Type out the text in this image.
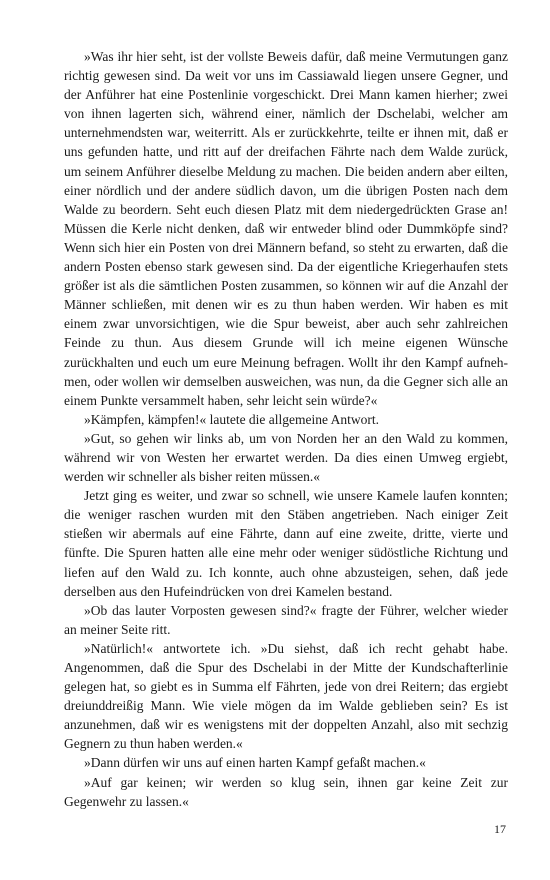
»Was ihr hier seht, ist der vollste Beweis dafür, daß meine Vermutungen ganz richtig gewesen sind. Da weit vor uns im Cassiawald liegen unsere Gegner, und der Anführer hat eine Postenlinie vorgeschickt. Drei Mann kamen hierher; zwei von ihnen lagerten sich, während einer, nämlich der Dschelabi, welcher am unternehmendsten war, weiterritt. Als er zurückkehrte, teilte er ihnen mit, daß er uns gefunden hatte, und ritt auf der dreifachen Fährte nach dem Walde zurück, um seinem Anführer dieselbe Meldung zu machen. Die beiden andern aber eilten, einer nördlich und der andere südlich davon, um die übrigen Posten nach dem Walde zu beordern. Seht euch diesen Platz mit dem niedergedrückten Grase an! Müssen die Kerle nicht denken, daß wir entweder blind oder Dummköpfe sind? Wenn sich hier ein Posten von drei Männern befand, so steht zu erwarten, daß die andern Posten ebenso stark gewesen sind. Da der eigentliche Kriegerhaufen stets größer ist als die sämtlichen Posten zusammen, so können wir auf die Anzahl der Männer schließen, mit denen wir es zu thun haben werden. Wir haben es mit einem zwar unvorsichtigen, wie die Spur beweist, aber auch sehr zahlreichen Feinde zu thun. Aus diesem Grunde will ich meine eigenen Wünsche zurückhalten und euch um eure Meinung befragen. Wollt ihr den Kampf aufnehmen, oder wollen wir demselben ausweichen, was nun, da die Gegner sich alle an einem Punkte versammelt haben, sehr leicht sein würde?«

»Kämpfen, kämpfen!« lautete die allgemeine Antwort.

»Gut, so gehen wir links ab, um von Norden her an den Wald zu kommen, während wir von Westen her erwartet werden. Da dies einen Umweg ergiebt, werden wir schneller als bisher reiten müssen.«

Jetzt ging es weiter, und zwar so schnell, wie unsere Kamele laufen konnten; die weniger raschen wurden mit den Stäben angetrieben. Nach einiger Zeit stießen wir abermals auf eine Fährte, dann auf eine zweite, dritte, vierte und fünfte. Die Spuren hatten alle eine mehr oder weniger südöstliche Richtung und liefen auf den Wald zu. Ich konnte, auch ohne abzusteigen, sehen, daß jede derselben aus den Hufeindrücken von drei Kamelen bestand.

»Ob das lauter Vorposten gewesen sind?« fragte der Führer, welcher wieder an meiner Seite ritt.

»Natürlich!« antwortete ich. »Du siehst, daß ich recht gehabt habe. Angenommen, daß die Spur des Dschelabi in der Mitte der Kundschafterlinie gelegen hat, so giebt es in Summa elf Fährten, jede von drei Reitern; das ergiebt dreiunddreißig Mann. Wie viele mögen da im Walde geblieben sein? Es ist anzunehmen, daß wir es wenigstens mit der doppelten Anzahl, also mit sechzig Gegnern zu thun haben werden.«

»Dann dürfen wir uns auf einen harten Kampf gefaßt machen.«

»Auf gar keinen; wir werden so klug sein, ihnen gar keine Zeit zur Gegenwehr zu lassen.«

17
